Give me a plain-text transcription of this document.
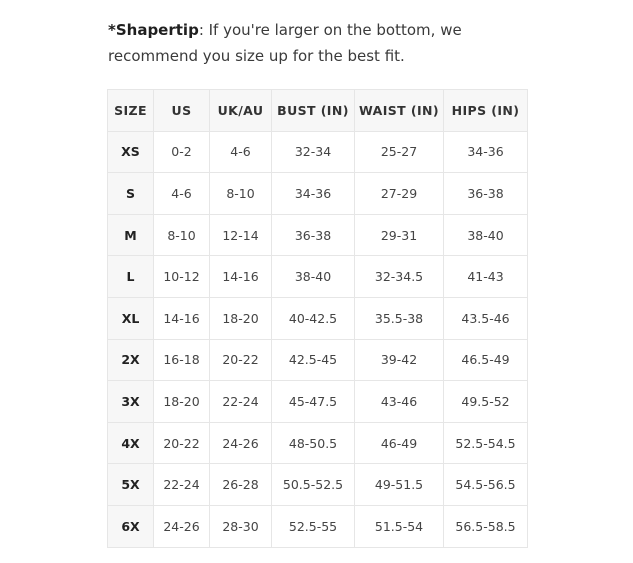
*Shapertip: If you're larger on the bottom, we recommend you size up for the best fit.

SIZE	US	UK/AU	BUST (IN)	WAIST (IN)	HIPS (IN)
XS	0-2	4-6	32-34	25-27	34-36
S	4-6	8-10	34-36	27-29	36-38
M	8-10	12-14	36-38	29-31	38-40
L	10-12	14-16	38-40	32-34.5	41-43
XL	14-16	18-20	40-42.5	35.5-38	43.5-46
2X	16-18	20-22	42.5-45	39-42	46.5-49
3X	18-20	22-24	45-47.5	43-46	49.5-52
4X	20-22	24-26	48-50.5	46-49	52.5-54.5
5X	22-24	26-28	50.5-52.5	49-51.5	54.5-56.5
6X	24-26	28-30	52.5-55	51.5-54	56.5-58.5
